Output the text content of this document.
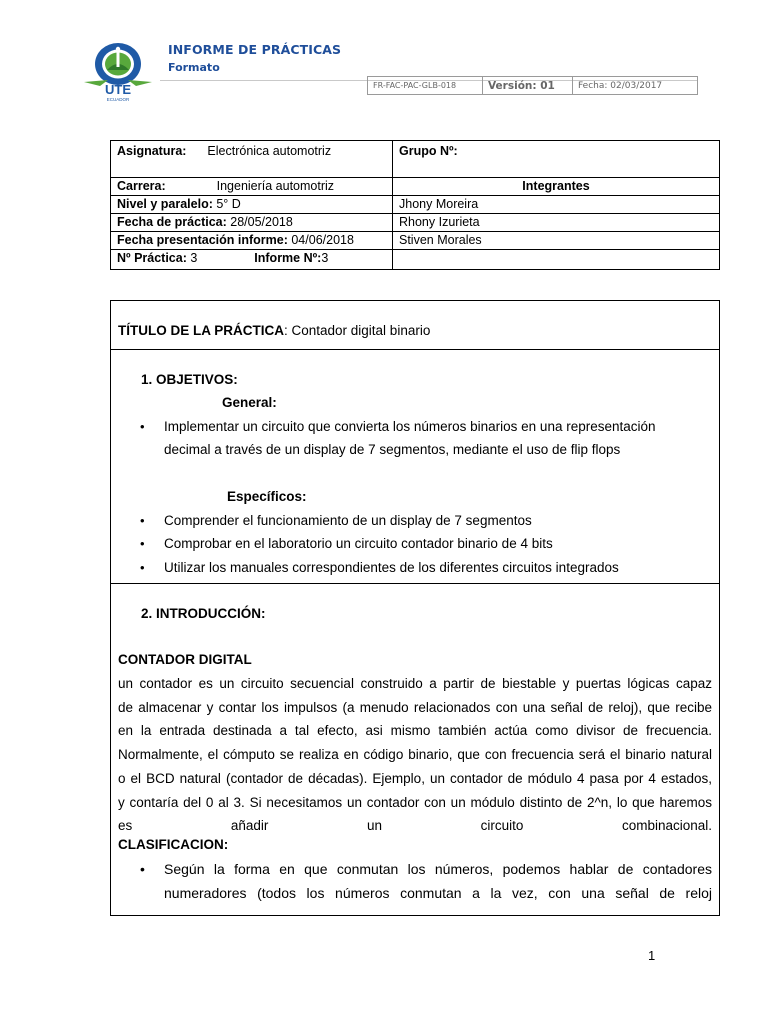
UTE
ECUADOR
INFORME DE PRÁCTICAS
Formato
FR-FAC-PAC-GLB-018	Versión: 01	Fecha: 02/03/2017
Asignatura: Electrónica automotriz	Grupo Nº:
Carrera: Ingeniería automotriz	Integrantes
Nivel y paralelo: 5° D	Jhony Moreira
Fecha de práctica: 28/05/2018	Rhony Izurieta
Fecha presentación informe: 04/06/2018	Stiven Morales
Nº Práctica: 3 Informe Nº:3	
TÍTULO DE LA PRÁCTICA: Contador digital binario
1. OBJETIVOS:
General:
• Implementar un circuito que convierta los números binarios en una representación
decimal a través de un display de 7 segmentos, mediante el uso de flip flops
Específicos:
• Comprender el funcionamiento de un display de 7 segmentos
• Comprobar en el laboratorio un circuito contador binario de 4 bits
• Utilizar los manuales correspondientes de los diferentes circuitos integrados
2. INTRODUCCIÓN:
CONTADOR DIGITAL
un contador es un circuito secuencial construido a partir de biestable y puertas lógicas capaz
de almacenar y contar los impulsos (a menudo relacionados con una señal de reloj), que recibe
en la entrada destinada a tal efecto, asi mismo también actúa como divisor de frecuencia.
Normalmente, el cómputo se realiza en código binario, que con frecuencia será el binario natural
o el BCD natural (contador de décadas). Ejemplo, un contador de módulo 4 pasa por 4 estados,
y contaría del 0 al 3. Si necesitamos un contador con un módulo distinto de 2^n, lo que haremos
es añadir un circuito combinacional.
CLASIFICACION:
• Según la forma en que conmutan los números, podemos hablar de contadores
numeradores (todos los números conmutan a la vez, con una señal de reloj
1
